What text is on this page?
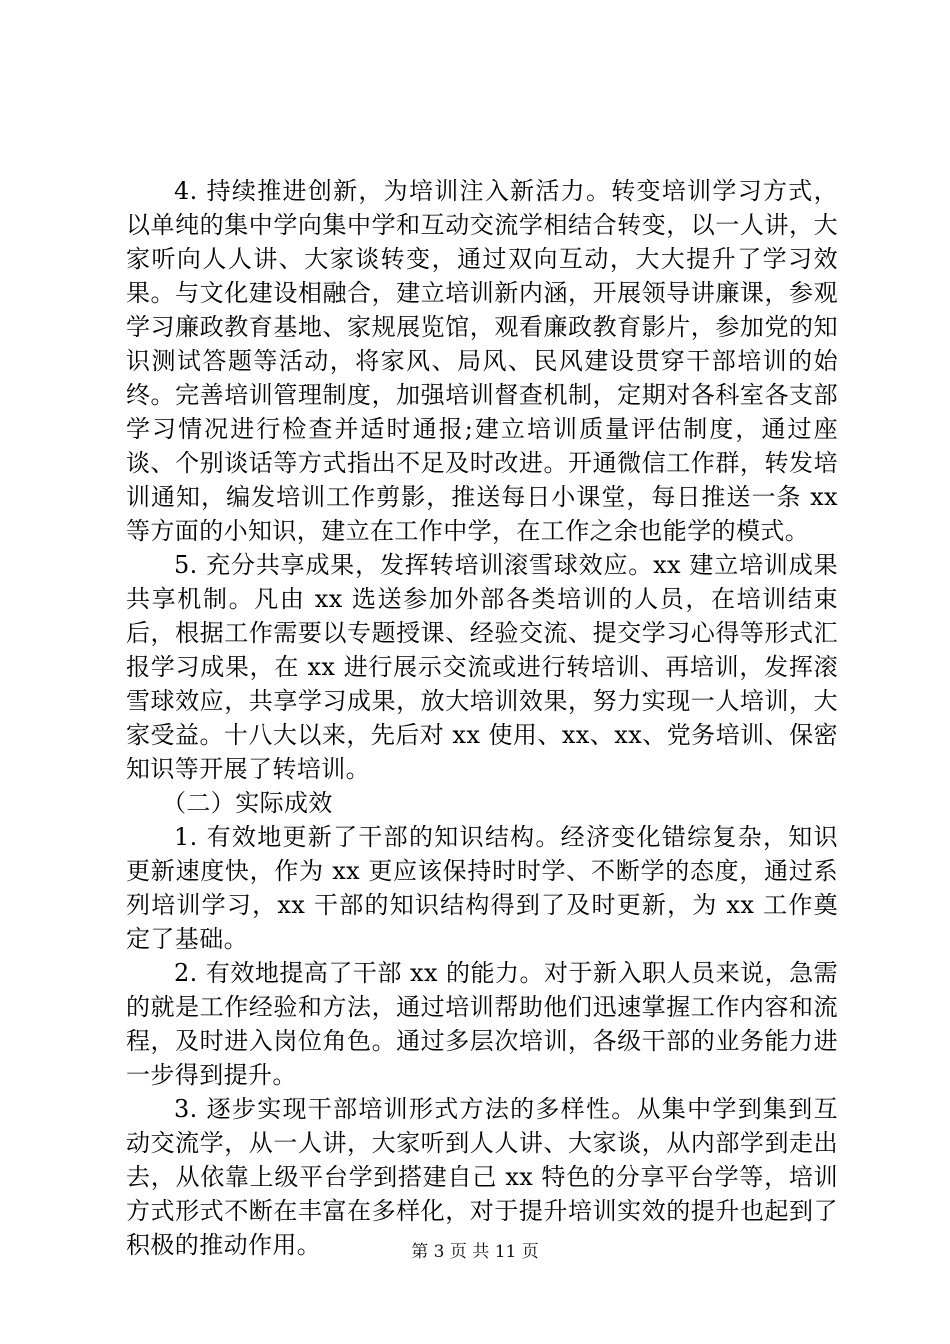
4. 持续推进创新，为培训注入新活力。转变培训学习方式，以单纯的集中学向集中学和互动交流学相结合转变，以一人讲，大家听向人人讲、大家谈转变，通过双向互动，大大提升了学习效果。与文化建设相融合，建立培训新内涵，开展领导讲廉课，参观学习廉政教育基地、家规展览馆，观看廉政教育影片，参加党的知识测试答题等活动，将家风、局风、民风建设贯穿干部培训的始终。完善培训管理制度，加强培训督查机制，定期对各科室各支部学习情况进行检查并适时通报;建立培训质量评估制度，通过座谈、个别谈话等方式指出不足及时改进。开通微信工作群，转发培训通知，编发培训工作剪影，推送每日小课堂，每日推送一条 xx 等方面的小知识，建立在工作中学，在工作之余也能学的模式。

5. 充分共享成果，发挥转培训滚雪球效应。xx 建立培训成果共享机制。凡由 xx 选送参加外部各类培训的人员，在培训结束后，根据工作需要以专题授课、经验交流、提交学习心得等形式汇报学习成果，在 xx 进行展示交流或进行转培训、再培训，发挥滚雪球效应，共享学习成果，放大培训效果，努力实现一人培训，大家受益。十八大以来，先后对 xx 使用、xx、xx、党务培训、保密知识等开展了转培训。

（二）实际成效

1. 有效地更新了干部的知识结构。经济变化错综复杂，知识更新速度快，作为 xx 更应该保持时时学、不断学的态度，通过系列培训学习，xx 干部的知识结构得到了及时更新，为 xx 工作奠定了基础。

2. 有效地提高了干部 xx 的能力。对于新入职人员来说，急需的就是工作经验和方法，通过培训帮助他们迅速掌握工作内容和流程，及时进入岗位角色。通过多层次培训，各级干部的业务能力进一步得到提升。

3. 逐步实现干部培训形式方法的多样性。从集中学到集到互动交流学，从一人讲，大家听到人人讲、大家谈，从内部学到走出去，从依靠上级平台学到搭建自己 xx 特色的分享平台学等，培训方式形式不断在丰富在多样化，对于提升培训实效的提升也起到了积极的推动作用。	第 3 页 共 11 页
